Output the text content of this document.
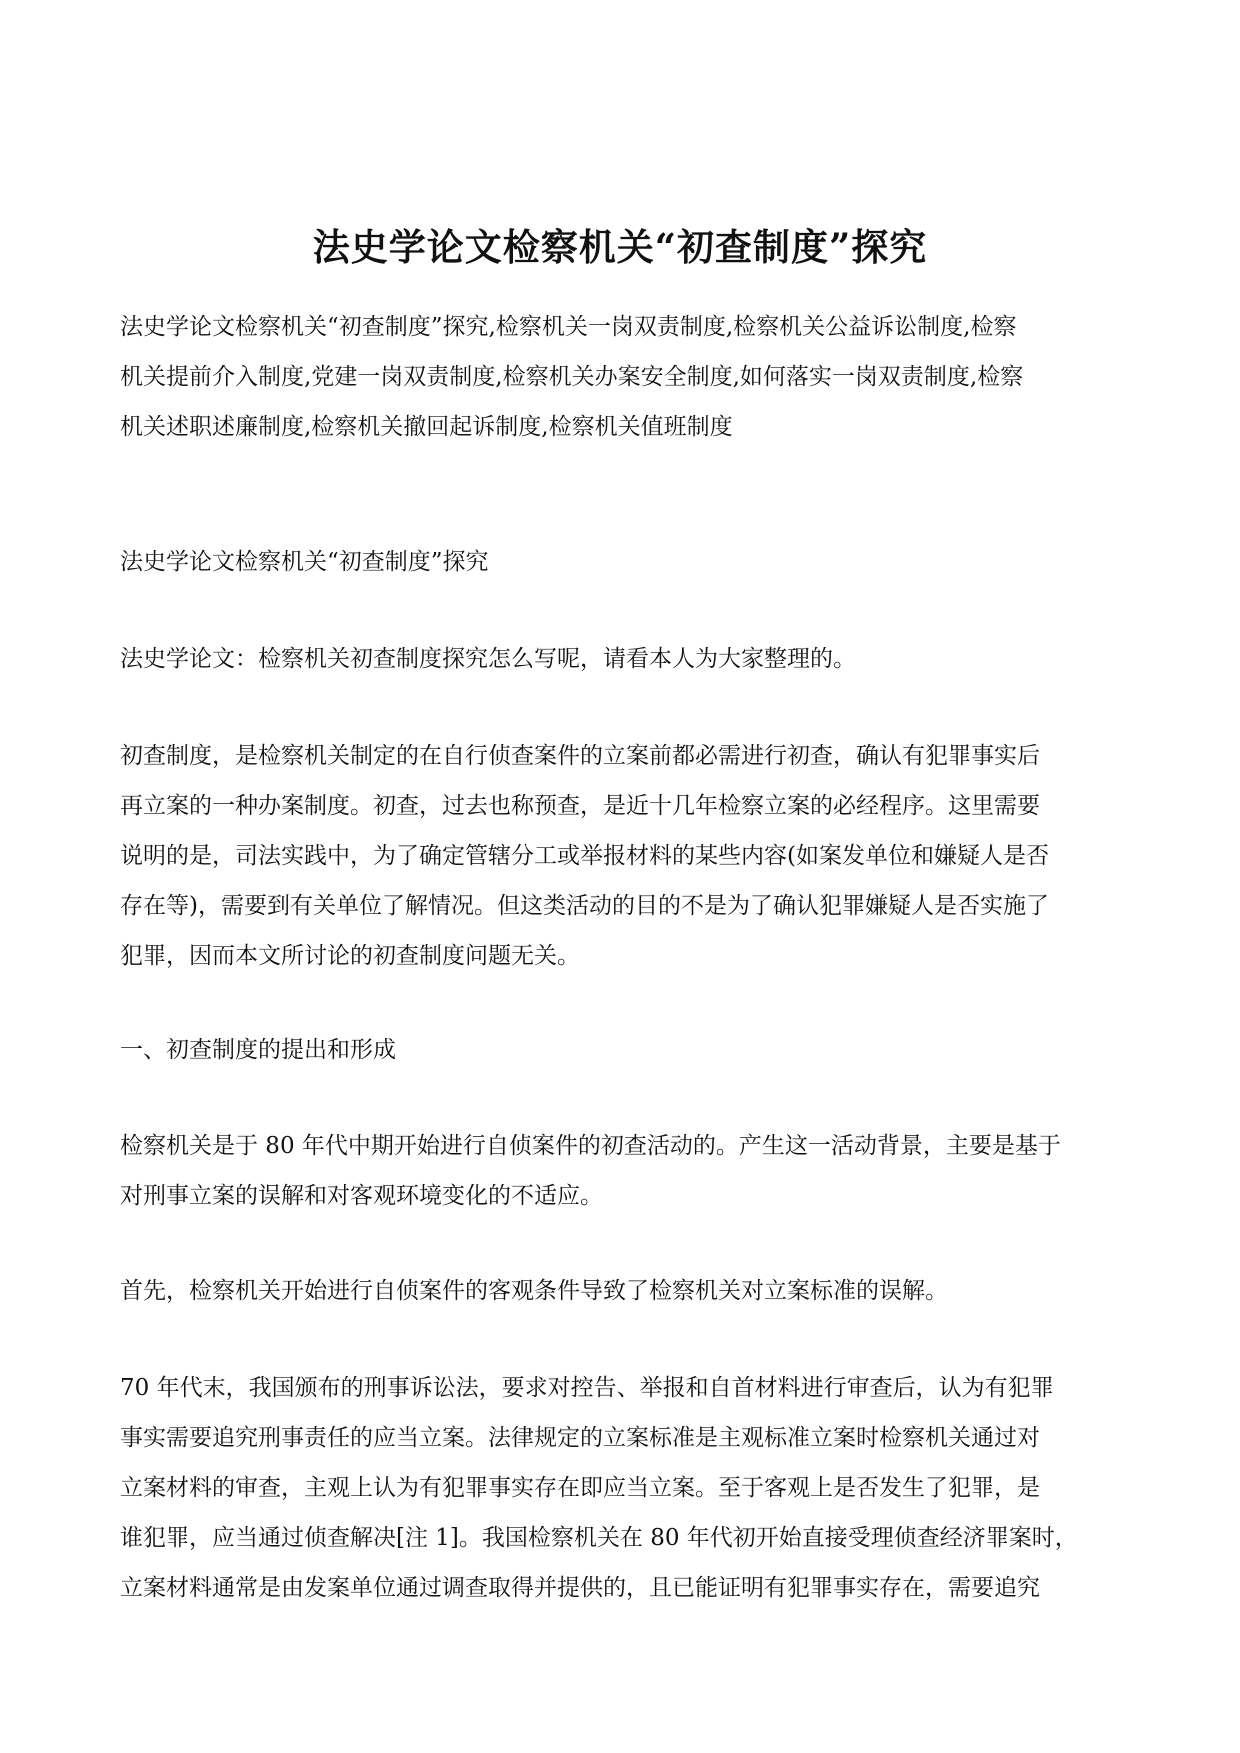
法史学论文检察机关“初查制度”探究
法史学论文检察机关“初查制度”探究,检察机关一岗双责制度,检察机关公益诉讼制度,检察
机关提前介入制度,党建一岗双责制度,检察机关办案安全制度,如何落实一岗双责制度,检察
机关述职述廉制度,检察机关撤回起诉制度,检察机关值班制度
法史学论文检察机关“初查制度”探究
法史学论文：检察机关初查制度探究怎么写呢，请看本人为大家整理的。
初查制度，是检察机关制定的在自行侦查案件的立案前都必需进行初查，确认有犯罪事实后
再立案的一种办案制度。初查，过去也称预查，是近十几年检察立案的必经程序。这里需要
说明的是，司法实践中，为了确定管辖分工或举报材料的某些内容(如案发单位和嫌疑人是否
存在等)，需要到有关单位了解情况。但这类活动的目的不是为了确认犯罪嫌疑人是否实施了
犯罪，因而本文所讨论的初查制度问题无关。
一、初查制度的提出和形成
检察机关是于 80 年代中期开始进行自侦案件的初查活动的。产生这一活动背景，主要是基于
对刑事立案的误解和对客观环境变化的不适应。
首先，检察机关开始进行自侦案件的客观条件导致了检察机关对立案标准的误解。
70 年代末，我国颁布的刑事诉讼法，要求对控告、举报和自首材料进行审查后，认为有犯罪
事实需要追究刑事责任的应当立案。法律规定的立案标准是主观标准立案时检察机关通过对
立案材料的审查，主观上认为有犯罪事实存在即应当立案。至于客观上是否发生了犯罪，是
谁犯罪，应当通过侦查解决[注 1]。我国检察机关在 80 年代初开始直接受理侦查经济罪案时，
立案材料通常是由发案单位通过调查取得并提供的，且已能证明有犯罪事实存在，需要追究
